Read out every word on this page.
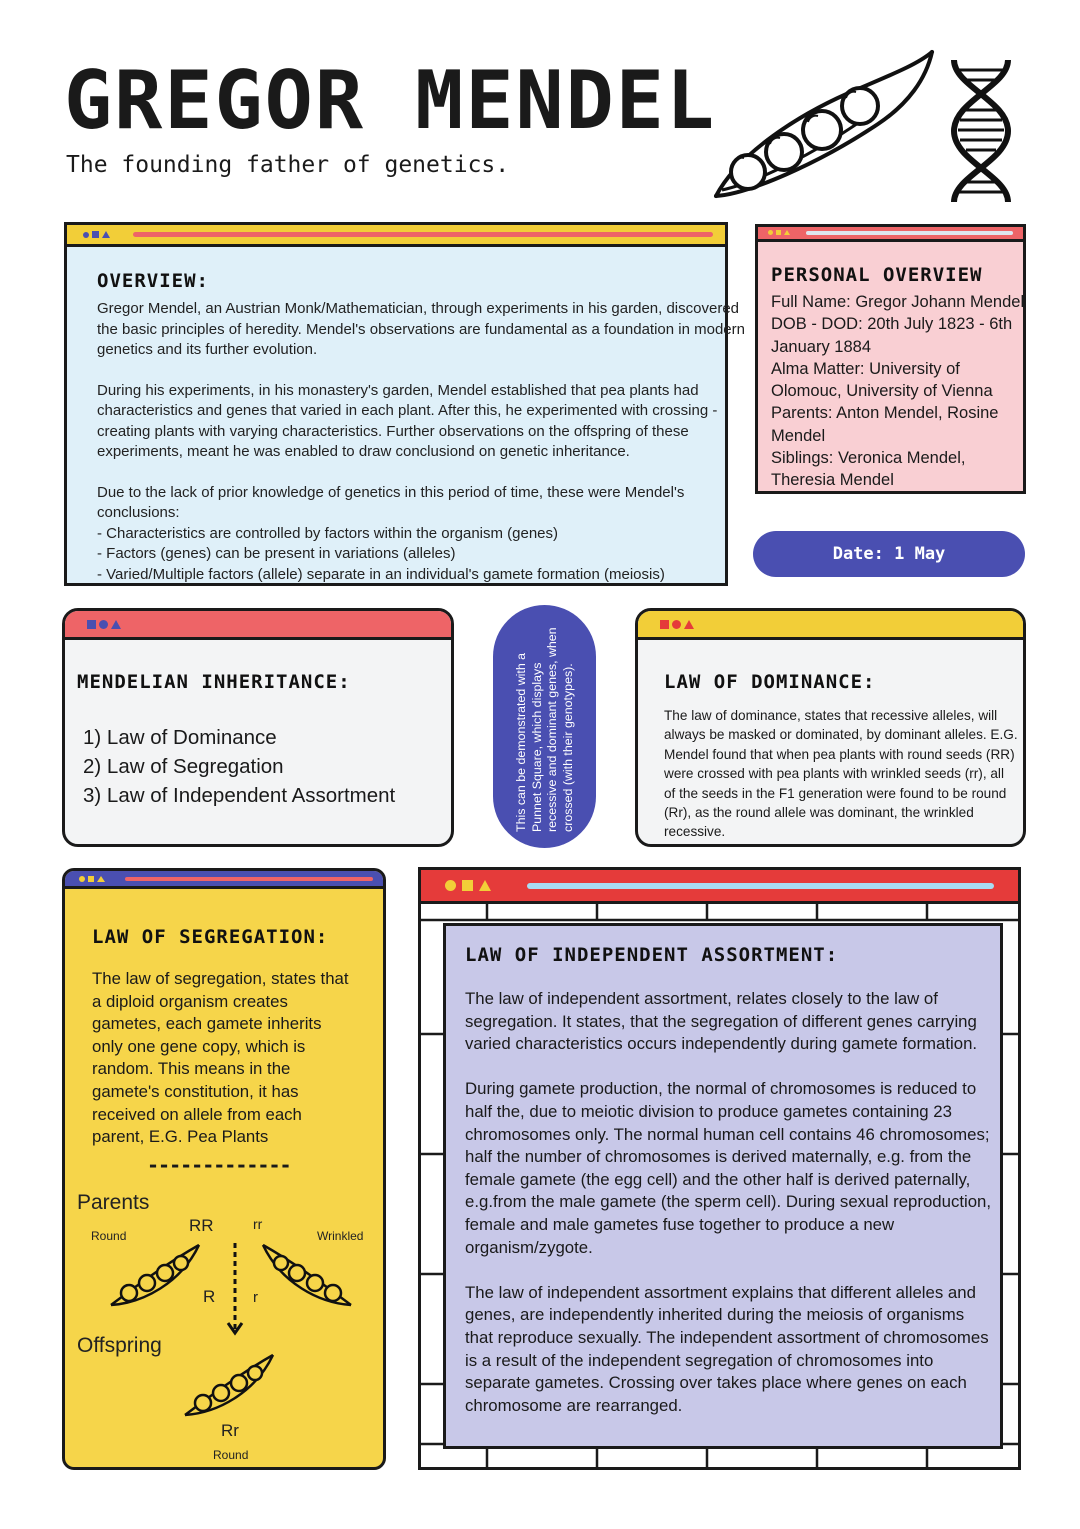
GREGOR MENDEL
The founding father of genetics.
OVERVIEW:

Gregor Mendel, an Austrian Monk/Mathematician, through experiments in his garden, discovered the basic principles of heredity. Mendel's observations are fundamental as a foundation in modern genetics and its further evolution.

During his experiments, in his monastery's garden, Mendel established that pea plants had characteristics and genes that varied in each plant. After this, he experimented with crossing - creating plants with varying characteristics. Further observations on the offspring of these experiments, meant he was enabled to draw conclusiond on genetic inheritance.

Due to the lack of prior knowledge of genetics in this period of time, these were Mendel's conclusions:

- Characteristics are controlled by factors within the organism (genes)
- Factors (genes) can be present in variations (alleles)
- Varied/Multiple factors (allele) separate in an individual's gamete formation (meiosis)
PERSONAL OVERVIEW
Full Name: Gregor Johann Mendel
DOB - DOD: 20th July 1823 - 6th January 1884
Alma Matter: University of Olomouc, University of Vienna
Parents: Anton Mendel, Rosine Mendel
Siblings: Veronica Mendel, Theresia Mendel
Date: 1 May
MENDELIAN INHERITANCE:
1) Law of Dominance
2) Law of Segregation
3) Law of Independent Assortment	This can be demonstrated with a Punnet Square, which displays recessive and dominant genes, when crossed (with their genotypes).	LAW OF DOMINANCE:
The law of dominance, states that recessive alleles, will always be masked or dominated, by dominant alleles. E.G. Mendel found that when pea plants with round seeds (RR) were crossed with pea plants with wrinkled seeds (rr), all of the seeds in the F1 generation were found to be round (Rr), as the round allele was dominant, the wrinkled recessive.
LAW OF SEGREGATION:
The law of segregation, states that a diploid organism creates gametes, each gamete inherits only one gene copy, which is random. This means in the gamete's constitution, it has received on allele from each parent, E.G. Pea Plants
-------------
Parents
RR	rr
Round	Wrinkled
R	r
Offspring
Rr
Round
LAW OF INDEPENDENT ASSORTMENT:

The law of independent assortment, relates closely to the law of segregation. It states, that the segregation of different genes carrying varied characteristics occurs independently during gamete formation.

During gamete production, the normal of chromosomes is reduced to half the, due to meiotic division to produce gametes containing 23 chromosomes only. The normal human cell contains 46 chromosomes; half the number of chromosomes is derived maternally, e.g. from the female gamete (the egg cell) and the other half is derived paternally, e.g.from the male gamete (the sperm cell). During sexual reproduction, female and male gametes fuse together to produce a new organism/zygote.

The law of independent assortment explains that different alleles and genes, are independently inherited during the meiosis of organisms that reproduce sexually. The independent assortment of chromosomes is a result of the independent segregation of chromosomes into separate gametes. Crossing over takes place where genes on each chromosome are rearranged.
